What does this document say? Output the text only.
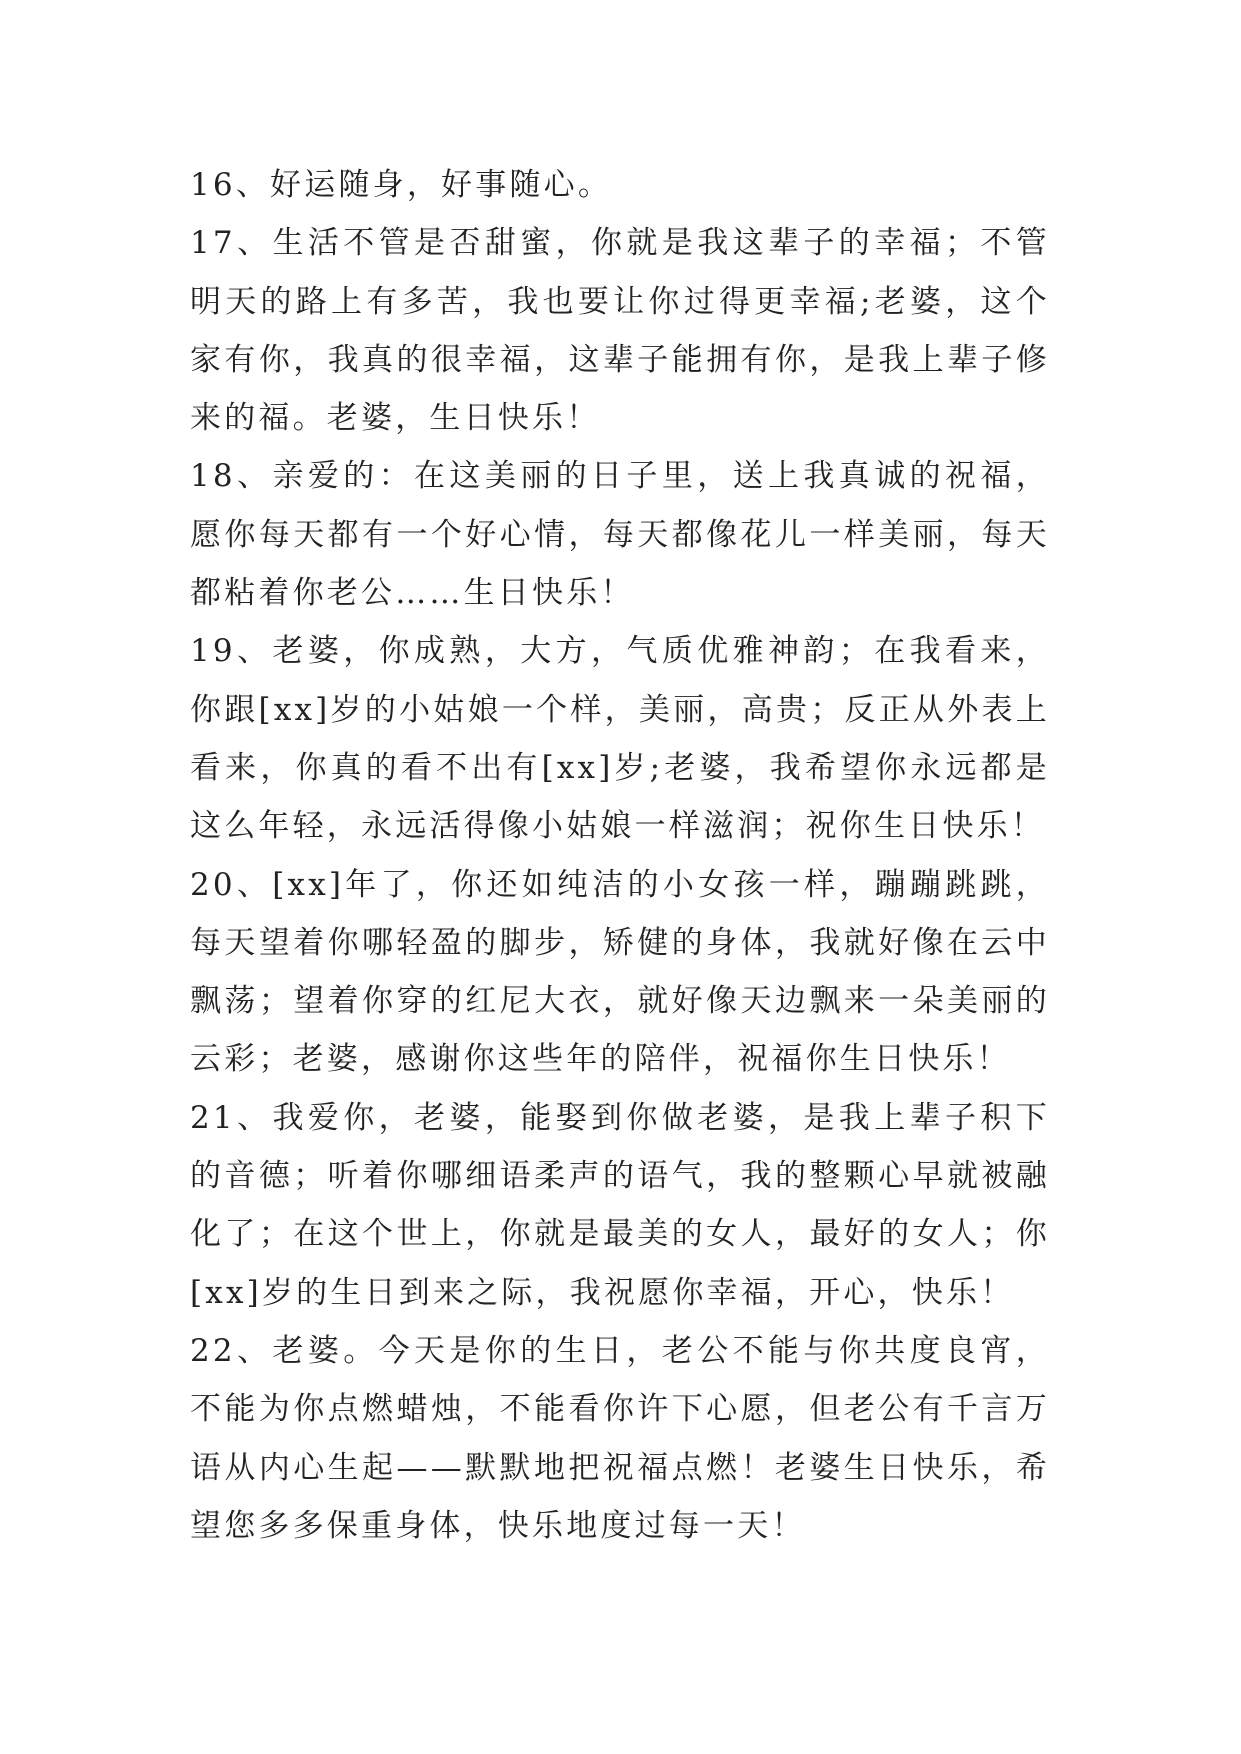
16、好运随身，好事随心。

17、生活不管是否甜蜜，你就是我这辈子的幸福；不管明天的路上有多苦，我也要让你过得更幸福;老婆，这个家有你，我真的很幸福，这辈子能拥有你，是我上辈子修来的福。老婆，生日快乐！

18、亲爱的：在这美丽的日子里，送上我真诚的祝福，愿你每天都有一个好心情，每天都像花儿一样美丽，每天都粘着你老公……生日快乐！

19、老婆，你成熟，大方，气质优雅神韵；在我看来，你跟[xx]岁的小姑娘一个样，美丽，高贵；反正从外表上看来，你真的看不出有[xx]岁;老婆，我希望你永远都是这么年轻，永远活得像小姑娘一样滋润；祝你生日快乐！

20、[xx]年了，你还如纯洁的小女孩一样，蹦蹦跳跳，每天望着你哪轻盈的脚步，矫健的身体，我就好像在云中飘荡；望着你穿的红尼大衣，就好像天边飘来一朵美丽的云彩；老婆，感谢你这些年的陪伴，祝福你生日快乐！

21、我爱你，老婆，能娶到你做老婆，是我上辈子积下的音德；听着你哪细语柔声的语气，我的整颗心早就被融化了；在这个世上，你就是最美的女人，最好的女人；你[xx]岁的生日到来之际，我祝愿你幸福，开心，快乐！

22、老婆。今天是你的生日，老公不能与你共度良宵，不能为你点燃蜡烛，不能看你许下心愿，但老公有千言万语从内心生起——默默地把祝福点燃！老婆生日快乐，希望您多多保重身体，快乐地度过每一天！
